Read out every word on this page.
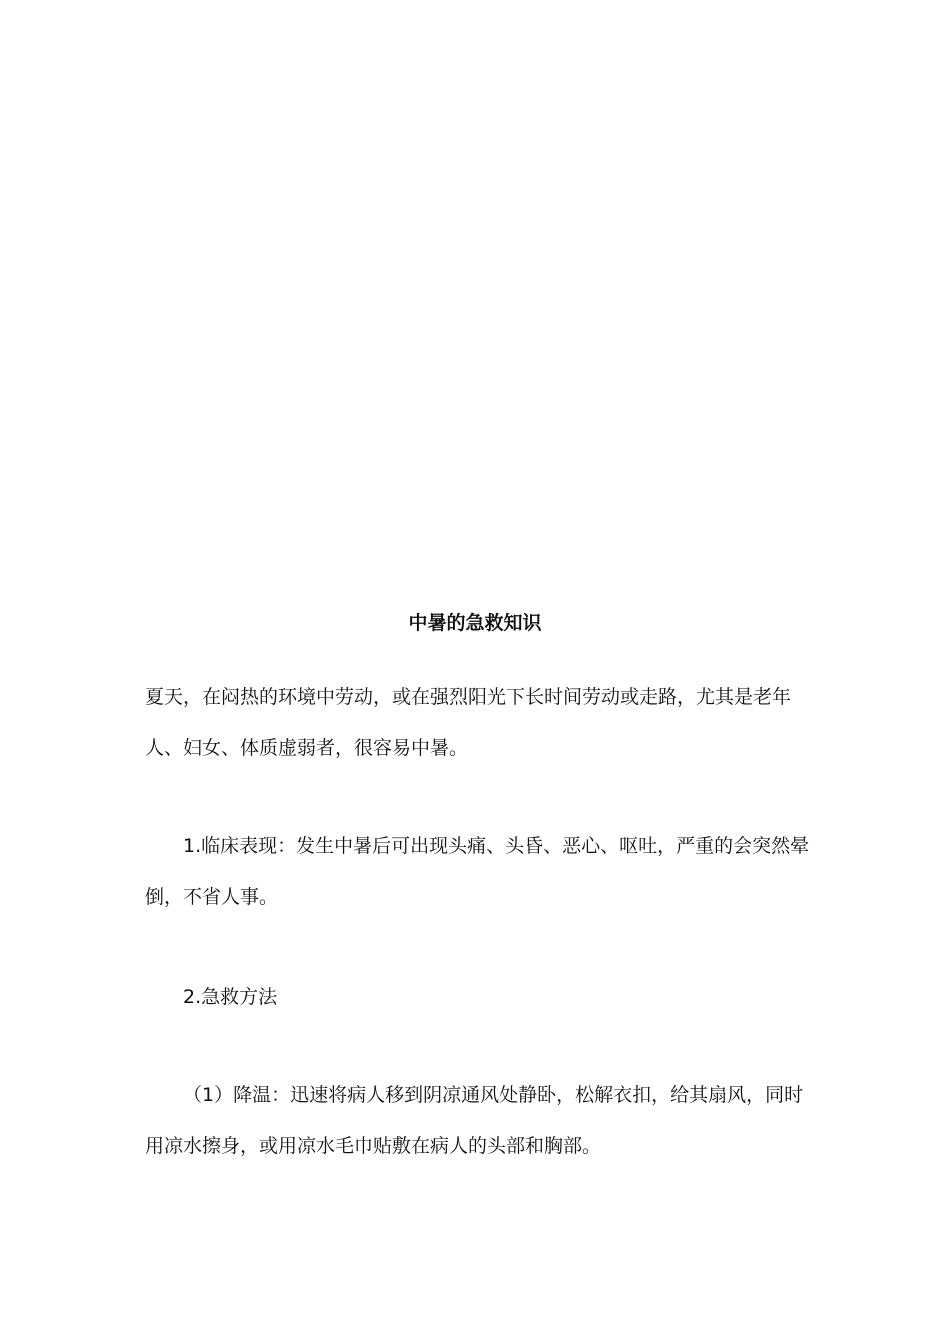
中暑的急救知识

夏天，在闷热的环境中劳动，或在强烈阳光下长时间劳动或走路，尤其是老年人、妇女、体质虚弱者，很容易中暑。

1.临床表现：发生中暑后可出现头痛、头昏、恶心、呕吐，严重的会突然晕倒，不省人事。

2.急救方法

（1）降温：迅速将病人移到阴凉通风处静卧，松解衣扣，给其扇风，同时用凉水擦身，或用凉水毛巾贴敷在病人的头部和胸部。
